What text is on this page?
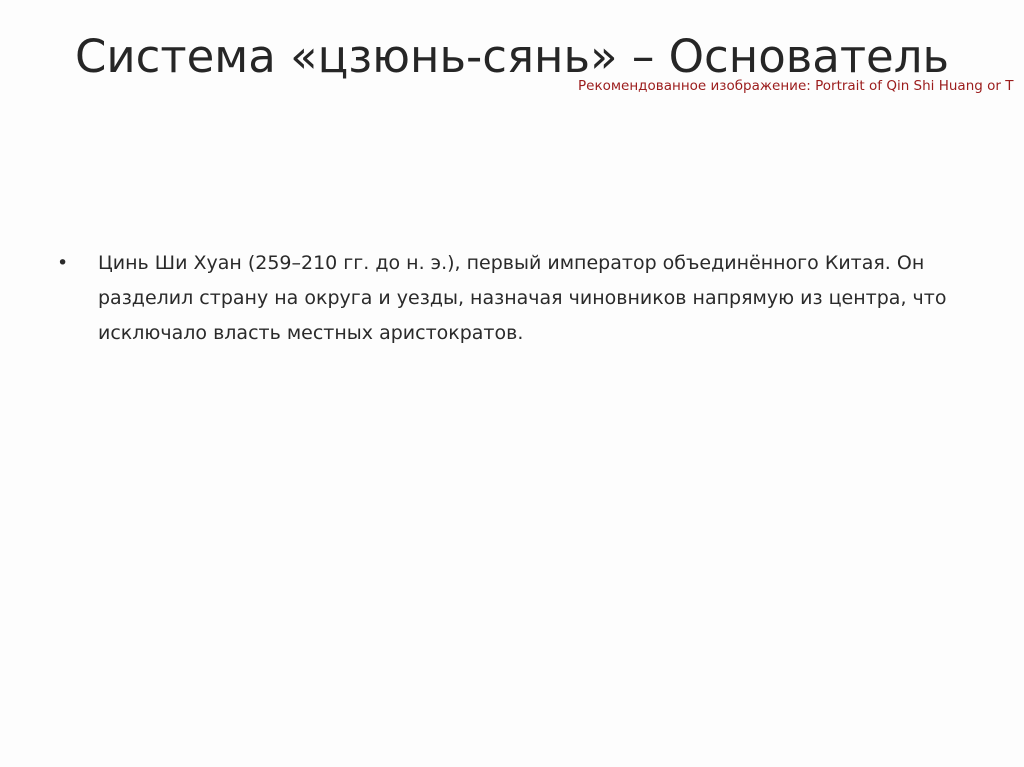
Система «цзюнь-сянь» – Основатель
Рекомендованное изображение: Portrait of Qin Shi Huang or T
• Цинь Ши Хуан (259–210 гг. до н. э.), первый император объединённого Китая. Он разделил страну на округа и уезды, назначая чиновников напрямую из центра, что исключало власть местных аристократов.
